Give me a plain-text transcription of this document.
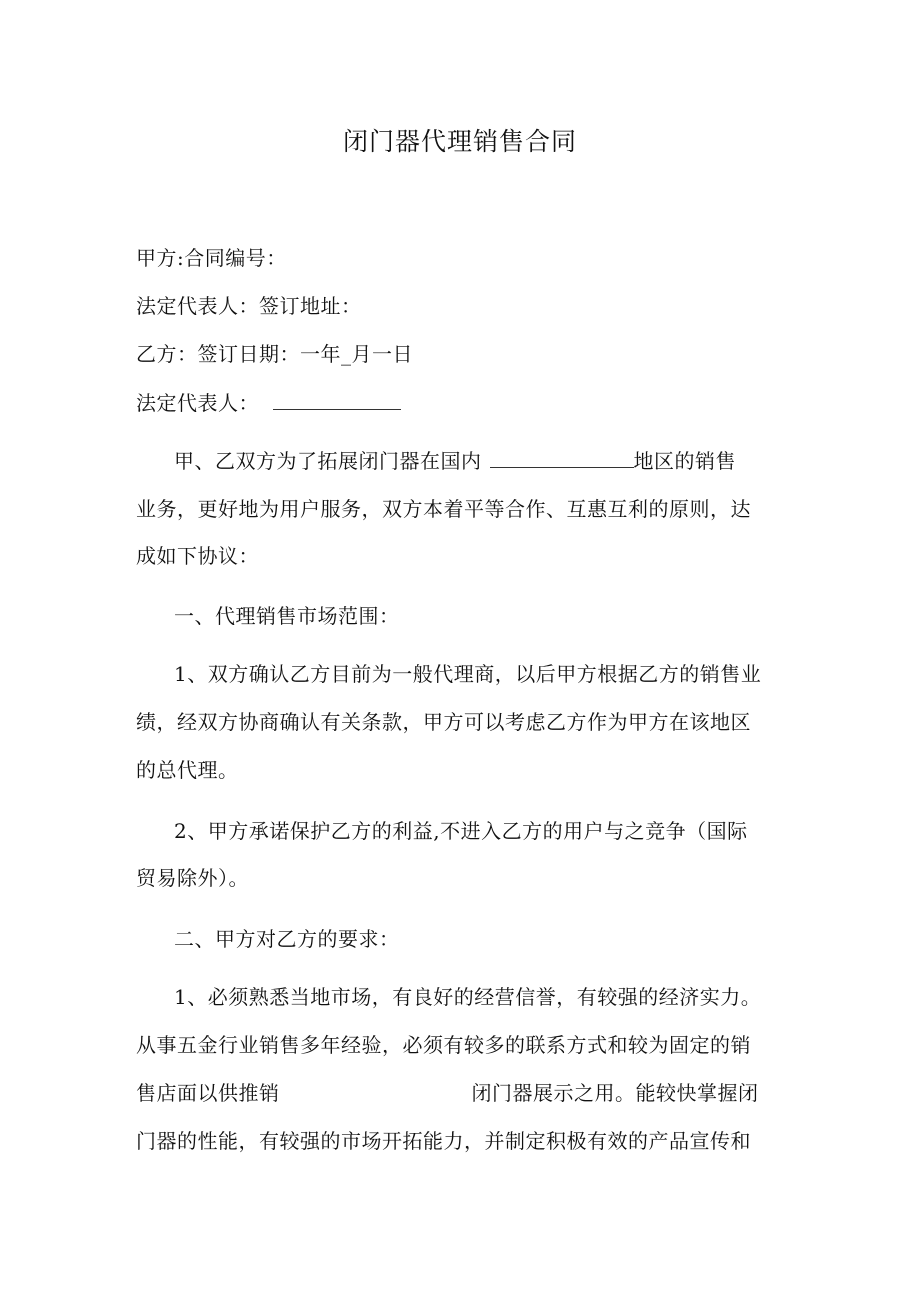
闭门器代理销售合同
甲方:合同编号：
法定代表人：签订地址：
乙方：签订日期：一年_月一日
法定代表人：
甲、乙双方为了拓展闭门器在国内	地区的销售
业务，更好地为用户服务，双方本着平等合作、互惠互利的原则，达
成如下协议：
一、代理销售市场范围：
1、双方确认乙方目前为一般代理商，以后甲方根据乙方的销售业
绩，经双方协商确认有关条款，甲方可以考虑乙方作为甲方在该地区
的总代理。
2、甲方承诺保护乙方的利益,不进入乙方的用户与之竞争（国际
贸易除外）。
二、甲方对乙方的要求：
1、必须熟悉当地市场，有良好的经营信誉，有较强的经济实力。
从事五金行业销售多年经验，必须有较多的联系方式和较为固定的销
售店面以供推销	闭门器展示之用。能较快掌握闭
门器的性能，有较强的市场开拓能力，并制定积极有效的产品宣传和
